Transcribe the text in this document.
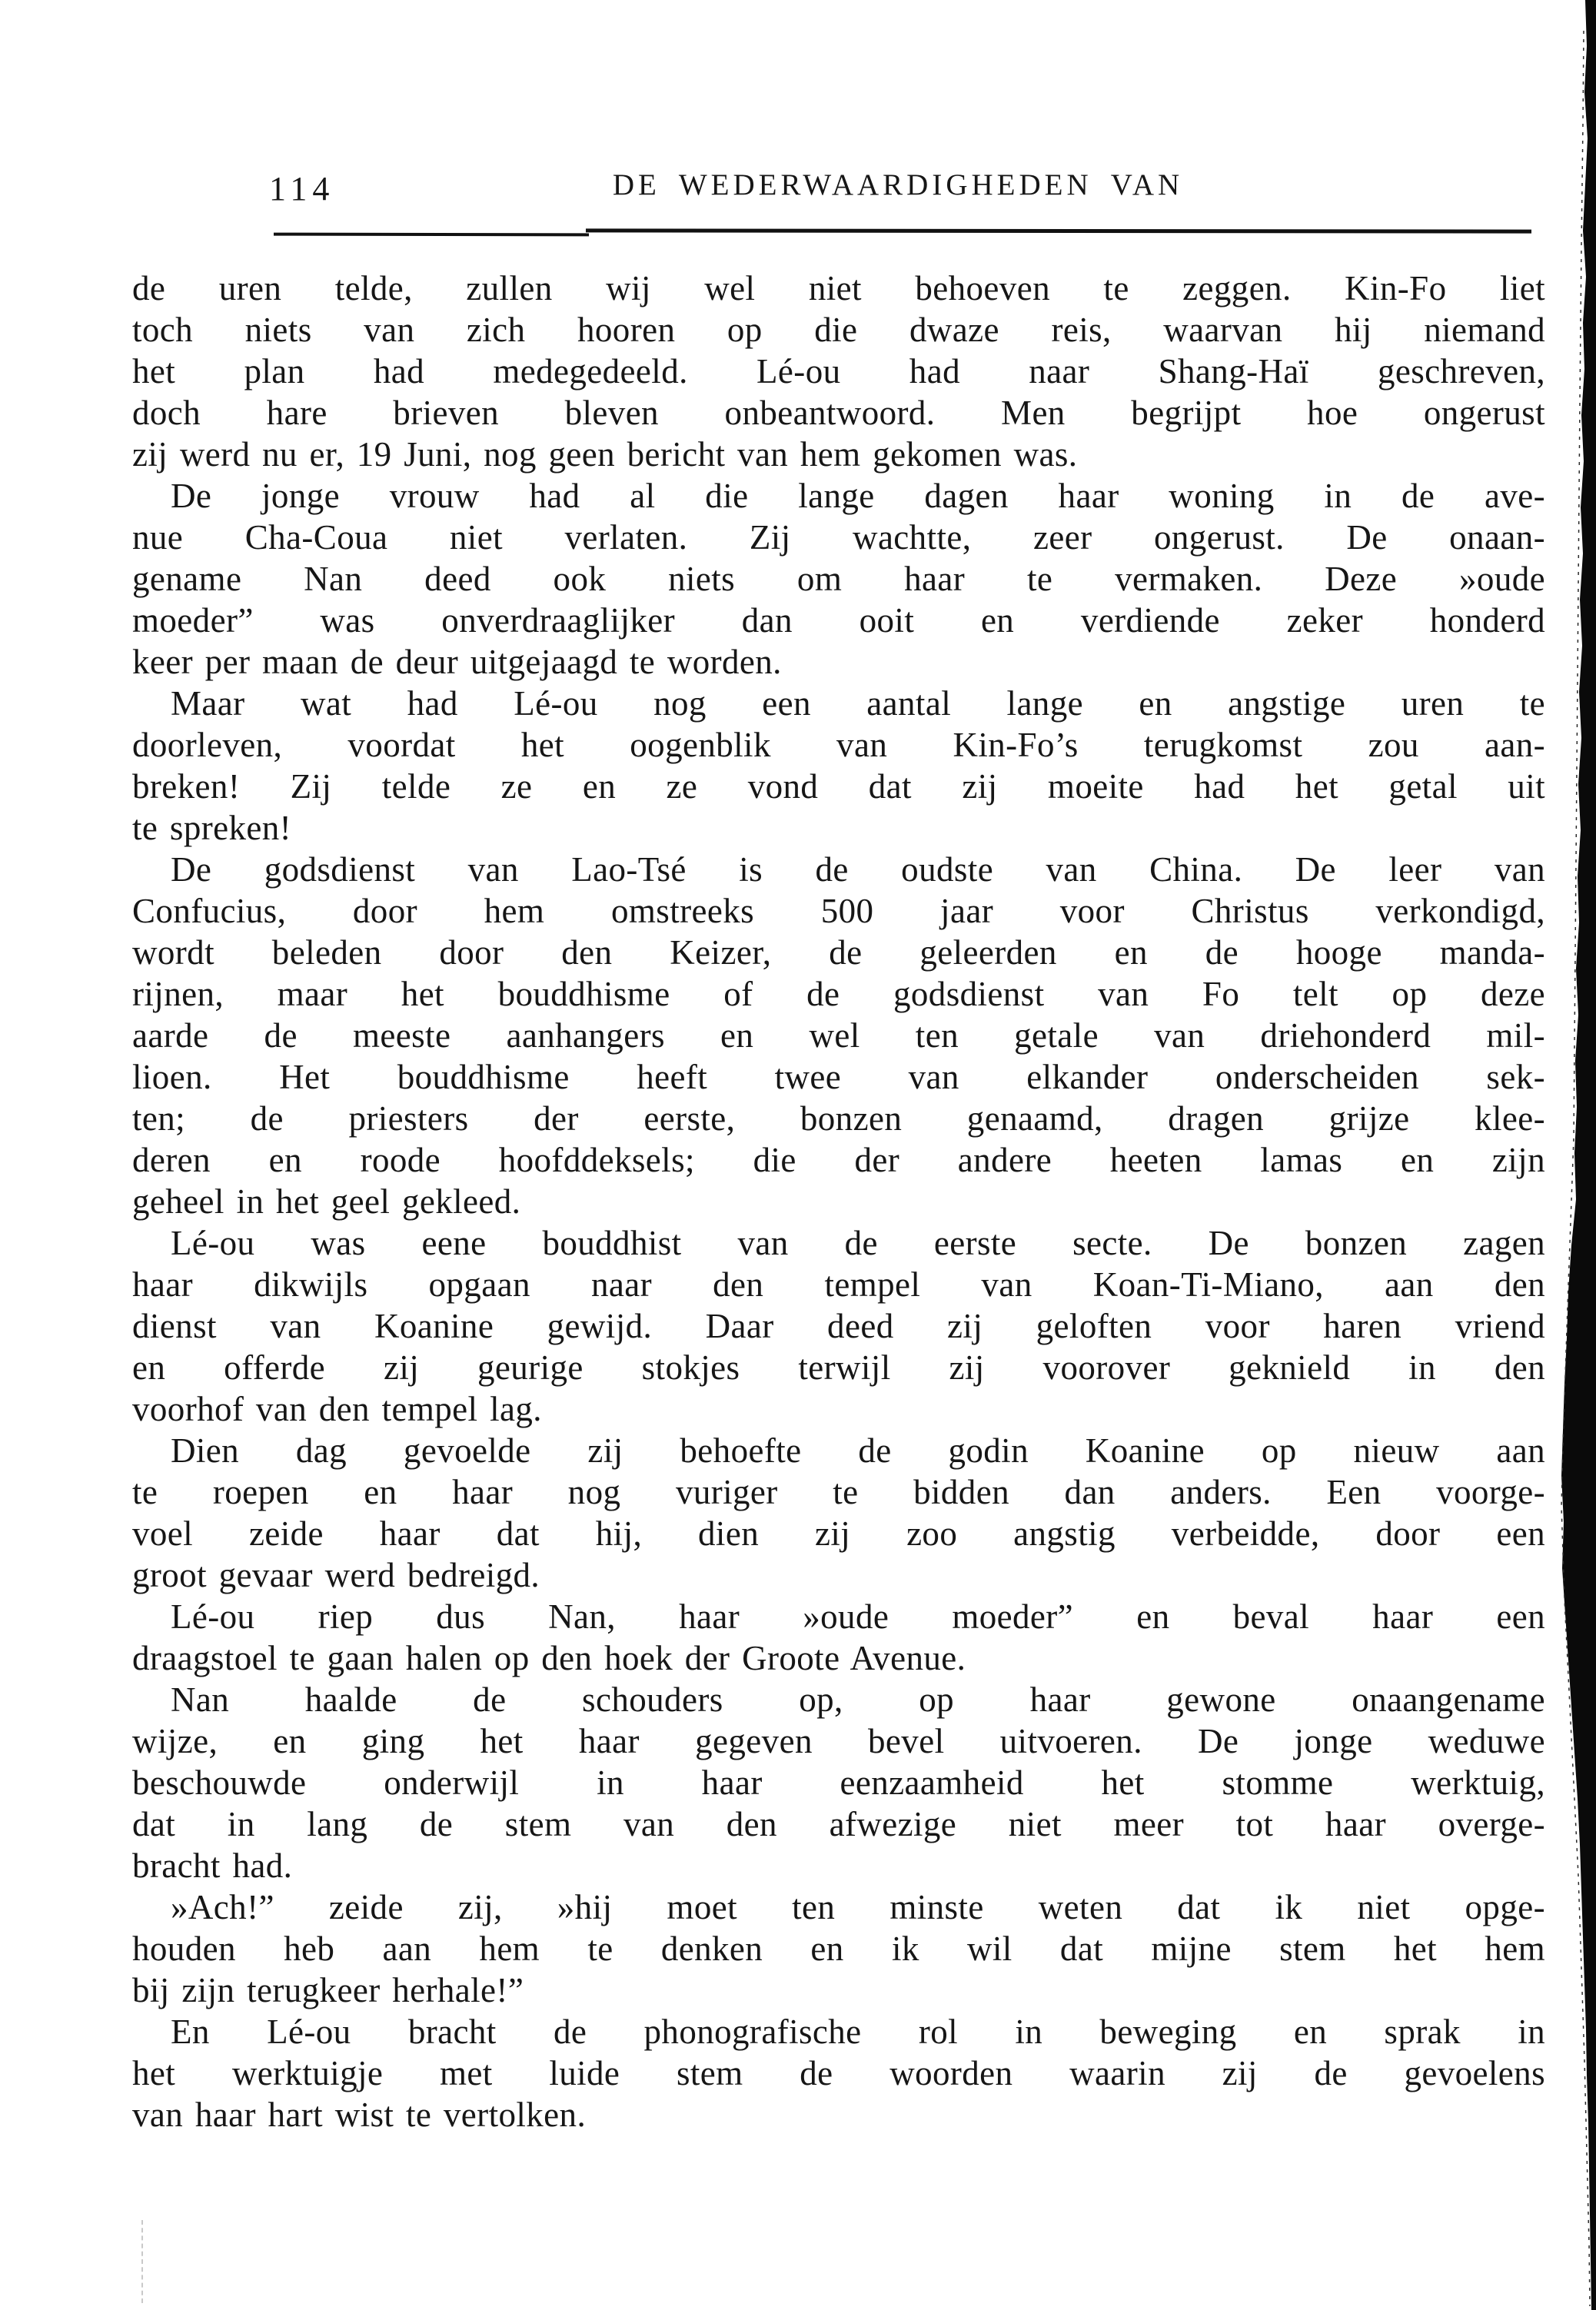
114	DE WEDERWAARDIGHEDEN VAN

de uren telde, zullen wij wel niet behoeven te zeggen. Kin-Fo liet
toch niets van zich hooren op die dwaze reis, waarvan hij niemand
het plan had medegedeeld. Lé-ou had naar Shang-Haï geschreven,
doch hare brieven bleven onbeantwoord. Men begrijpt hoe ongerust
zij werd nu er, 19 Juni, nog geen bericht van hem gekomen was.

De jonge vrouw had al die lange dagen haar woning in de ave-
nue Cha-Coua niet verlaten. Zij wachtte, zeer ongerust. De onaan-
gename Nan deed ook niets om haar te vermaken. Deze »oude
moeder” was onverdraaglijker dan ooit en verdiende zeker honderd
keer per maan de deur uitgejaagd te worden.

Maar wat had Lé-ou nog een aantal lange en angstige uren te
doorleven, voordat het oogenblik van Kin-Fo’s terugkomst zou aan-
breken! Zij telde ze en ze vond dat zij moeite had het getal uit
te spreken!

De godsdienst van Lao-Tsé is de oudste van China. De leer van
Confucius, door hem omstreeks 500 jaar voor Christus verkondigd,
wordt beleden door den Keizer, de geleerden en de hooge manda-
rijnen, maar het bouddhisme of de godsdienst van Fo telt op deze
aarde de meeste aanhangers en wel ten getale van driehonderd mil-
lioen. Het bouddhisme heeft twee van elkander onderscheiden sek-
ten; de priesters der eerste, bonzen genaamd, dragen grijze klee-
deren en roode hoofddeksels; die der andere heeten lamas en zijn
geheel in het geel gekleed.

Lé-ou was eene bouddhist van de eerste secte. De bonzen zagen
haar dikwijls opgaan naar den tempel van Koan-Ti-Miano, aan den
dienst van Koanine gewijd. Daar deed zij geloften voor haren vriend
en offerde zij geurige stokjes terwijl zij voorover geknield in den
voorhof van den tempel lag.

Dien dag gevoelde zij behoefte de godin Koanine op nieuw aan
te roepen en haar nog vuriger te bidden dan anders. Een voorge-
voel zeide haar dat hij, dien zij zoo angstig verbeidde, door een
groot gevaar werd bedreigd.

Lé-ou riep dus Nan, haar »oude moeder” en beval haar een
draagstoel te gaan halen op den hoek der Groote Avenue.

Nan haalde de schouders op, op haar gewone onaangename
wijze, en ging het haar gegeven bevel uitvoeren. De jonge weduwe
beschouwde onderwijl in haar eenzaamheid het stomme werktuig,
dat in lang de stem van den afwezige niet meer tot haar overge-
bracht had.

»Ach!” zeide zij, »hij moet ten minste weten dat ik niet opge-
houden heb aan hem te denken en ik wil dat mijne stem het hem
bij zijn terugkeer herhale!”

En Lé-ou bracht de phonografische rol in beweging en sprak in
het werktuigje met luide stem de woorden waarin zij de gevoelens
van haar hart wist te vertolken.
